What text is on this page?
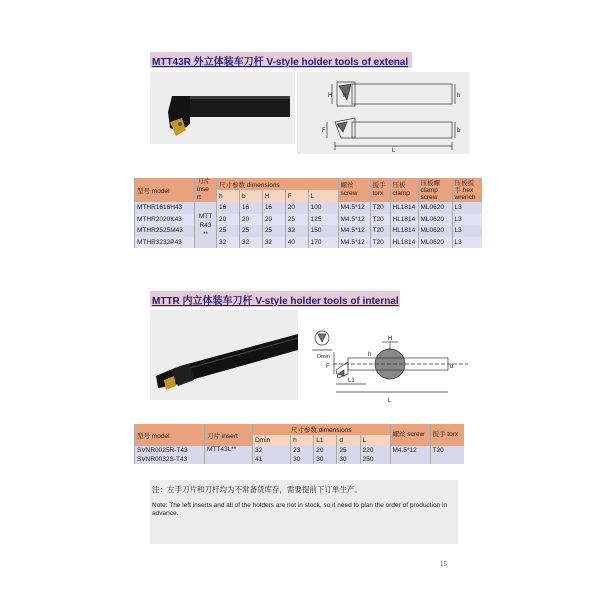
MTT43R 外立体装车刀杆 V-style holder tools of extenal
H h	h
b
F
L
型号 model	刀片 inse rt	尺寸参数 dimensions					螺丝 screw	扳手 torx	压板 clamp	压板螺 clamp screw	压板扳 手 hex wrench
		h	b	H	F	L					
MTHR1616H43	MTT R43 **	16	16	16	20	100	M4.5*12	T20	HL1814	ML0620	L3
MTHR2020K43		20	20	20	25	125	M4.5*12	T20	HL1814	ML0620	L3
MTHR2525M43		25	25	25	32	150	M4.5*12	T20	HL1814	ML0620	L3
MTHR3232P43		32	32	32	40	170	M4.5*12	T20	HL1814	ML0620	L3
MTTR 内立体装车刀杆 V-style holder tools of internal
Dmin
H
h
F	d
L1
L
型号 model	刀片 insert	尺寸参数 dimensions					螺丝 screw	扳手 torx
		Dmin	h	L1	d	L		
SVNR0025R-T43	MTT43L**	32	23	20	25	220	M4.5*12	T20
SVNR0032S-T43		41	30	30	30	250		
注：左手刀片和刀杆均为不常备货库存，需要提前下订单生产。
Note: The left inserts and all of the holders are not in stock, so it need to plan the order of production in advance.
15
